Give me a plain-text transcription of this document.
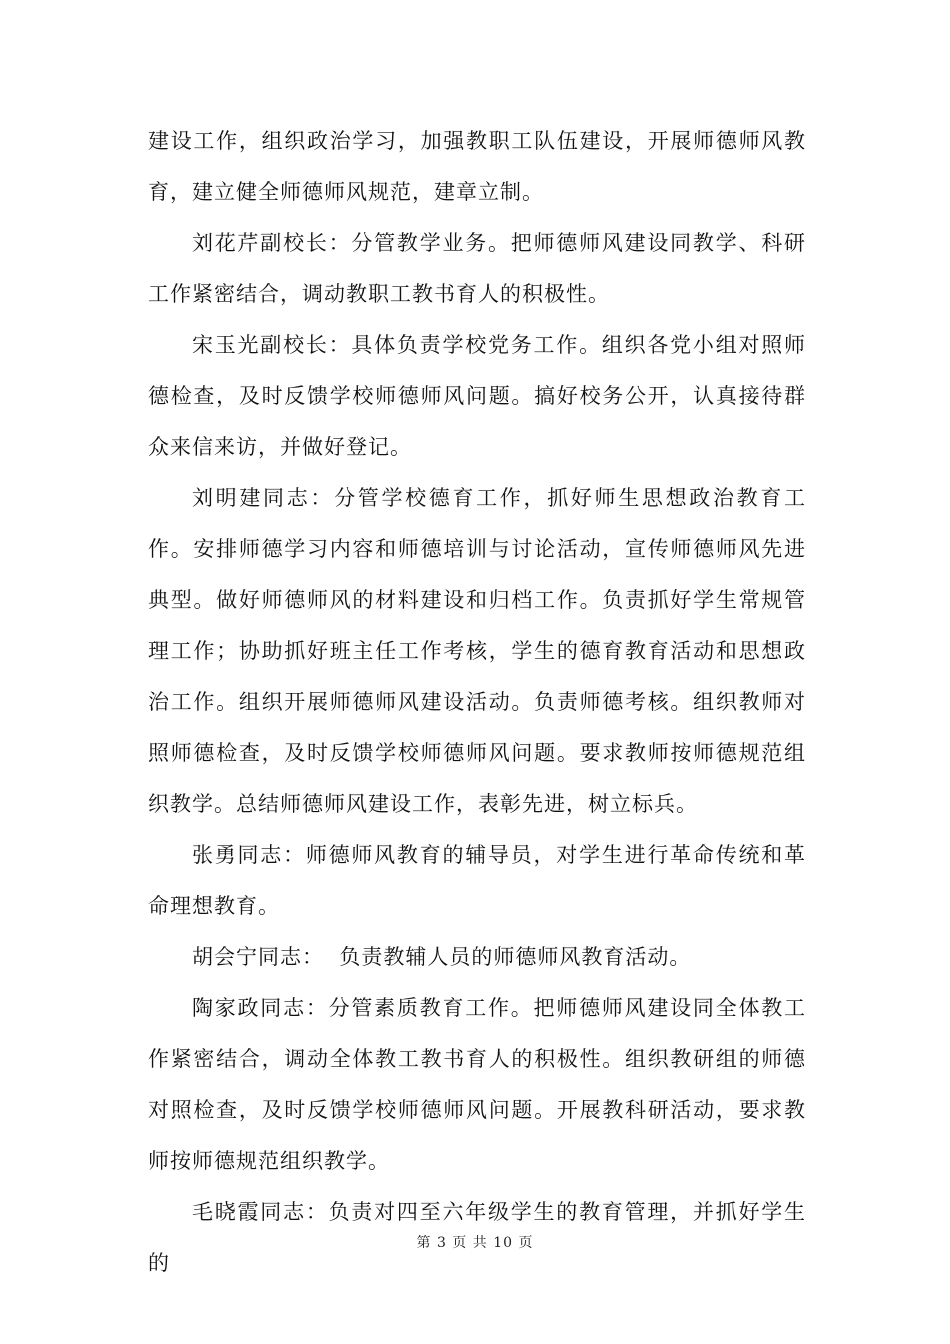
建设工作，组织政治学习，加强教职工队伍建设，开展师德师风教育，建立健全师德师风规范，建章立制。

刘花芹副校长：分管教学业务。把师德师风建设同教学、科研工作紧密结合，调动教职工教书育人的积极性。

宋玉光副校长：具体负责学校党务工作。组织各党小组对照师德检查，及时反馈学校师德师风问题。搞好校务公开，认真接待群众来信来访，并做好登记。

刘明建同志：分管学校德育工作，抓好师生思想政治教育工作。安排师德学习内容和师德培训与讨论活动，宣传师德师风先进典型。做好师德师风的材料建设和归档工作。负责抓好学生常规管理工作；协助抓好班主任工作考核，学生的德育教育活动和思想政治工作。组织开展师德师风建设活动。负责师德考核。组织教师对照师德检查，及时反馈学校师德师风问题。要求教师按师德规范组织教学。总结师德师风建设工作，表彰先进，树立标兵。

张勇同志：师德师风教育的辅导员，对学生进行革命传统和革命理想教育。

胡会宁同志：  负责教辅人员的师德师风教育活动。

陶家政同志：分管素质教育工作。把师德师风建设同全体教工作紧密结合，调动全体教工教书育人的积极性。组织教研组的师德对照检查，及时反馈学校师德师风问题。开展教科研活动，要求教师按师德规范组织教学。

毛晓霞同志：负责对四至六年级学生的教育管理，并抓好学生的

第 3 页 共 10 页
